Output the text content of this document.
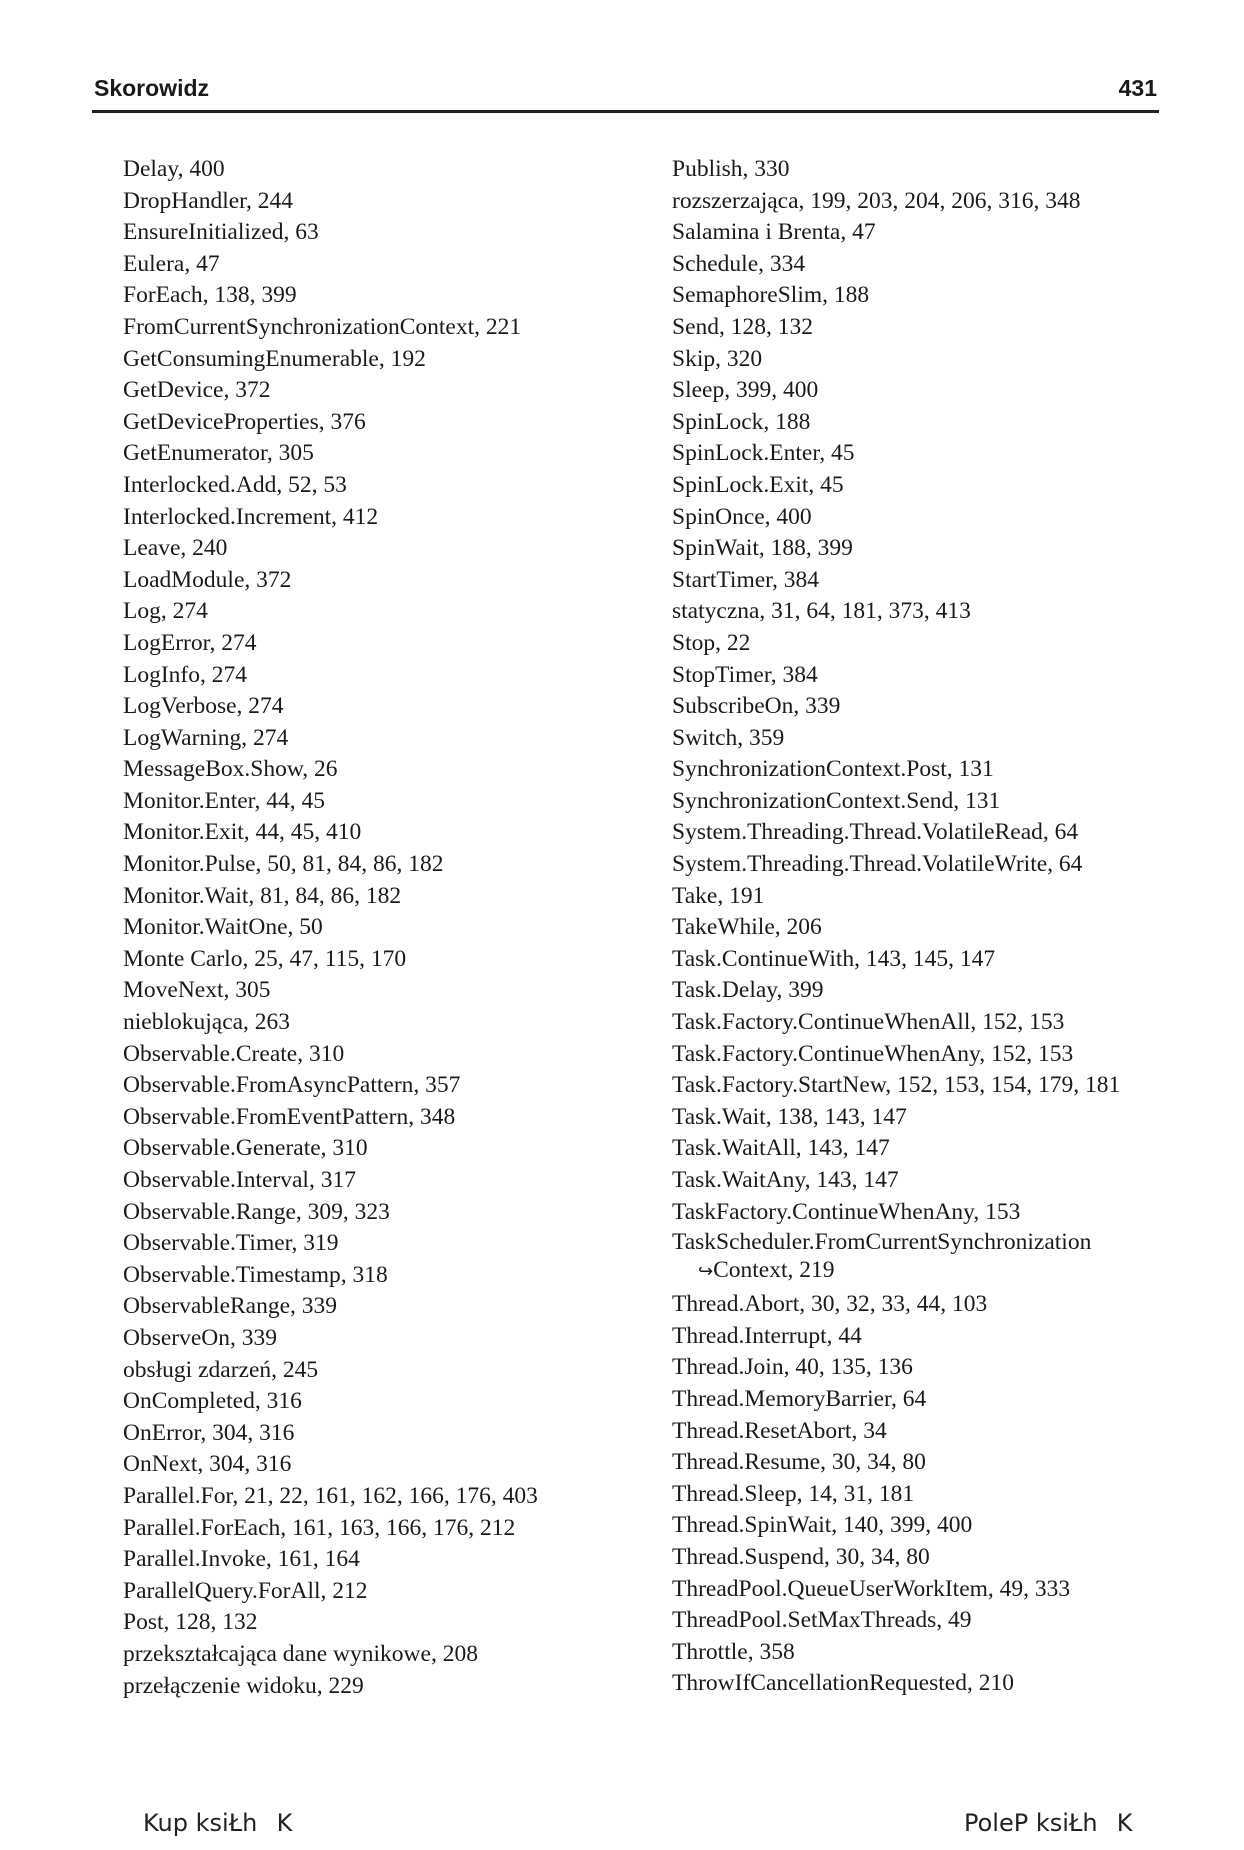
Skorowidz	431
Delay, 400
DropHandler, 244
EnsureInitialized, 63
Eulera, 47
ForEach, 138, 399
FromCurrentSynchronizationContext, 221
GetConsumingEnumerable, 192
GetDevice, 372
GetDeviceProperties, 376
GetEnumerator, 305
Interlocked.Add, 52, 53
Interlocked.Increment, 412
Leave, 240
LoadModule, 372
Log, 274
LogError, 274
LogInfo, 274
LogVerbose, 274
LogWarning, 274
MessageBox.Show, 26
Monitor.Enter, 44, 45
Monitor.Exit, 44, 45, 410
Monitor.Pulse, 50, 81, 84, 86, 182
Monitor.Wait, 81, 84, 86, 182
Monitor.WaitOne, 50
Monte Carlo, 25, 47, 115, 170
MoveNext, 305
nieblokująca, 263
Observable.Create, 310
Observable.FromAsyncPattern, 357
Observable.FromEventPattern, 348
Observable.Generate, 310
Observable.Interval, 317
Observable.Range, 309, 323
Observable.Timer, 319
Observable.Timestamp, 318
ObservableRange, 339
ObserveOn, 339
obsługi zdarzeń, 245
OnCompleted, 316
OnError, 304, 316
OnNext, 304, 316
Parallel.For, 21, 22, 161, 162, 166, 176, 403
Parallel.ForEach, 161, 163, 166, 176, 212
Parallel.Invoke, 161, 164
ParallelQuery.ForAll, 212
Post, 128, 132
przekształcająca dane wynikowe, 208
przełączenie widoku, 229
Publish, 330
rozszerzająca, 199, 203, 204, 206, 316, 348
Salamina i Brenta, 47
Schedule, 334
SemaphoreSlim, 188
Send, 128, 132
Skip, 320
Sleep, 399, 400
SpinLock, 188
SpinLock.Enter, 45
SpinLock.Exit, 45
SpinOnce, 400
SpinWait, 188, 399
StartTimer, 384
statyczna, 31, 64, 181, 373, 413
Stop, 22
StopTimer, 384
SubscribeOn, 339
Switch, 359
SynchronizationContext.Post, 131
SynchronizationContext.Send, 131
System.Threading.Thread.VolatileRead, 64
System.Threading.Thread.VolatileWrite, 64
Take, 191
TakeWhile, 206
Task.ContinueWith, 143, 145, 147
Task.Delay, 399
Task.Factory.ContinueWhenAll, 152, 153
Task.Factory.ContinueWhenAny, 152, 153
Task.Factory.StartNew, 152, 153, 154, 179, 181
Task.Wait, 138, 143, 147
Task.WaitAll, 143, 147
Task.WaitAny, 143, 147
TaskFactory.ContinueWhenAny, 153
TaskScheduler.FromCurrentSynchronization
↪Context, 219
Thread.Abort, 30, 32, 33, 44, 103
Thread.Interrupt, 44
Thread.Join, 40, 135, 136
Thread.MemoryBarrier, 64
Thread.ResetAbort, 34
Thread.Resume, 30, 34, 80
Thread.Sleep, 14, 31, 181
Thread.SpinWait, 140, 399, 400
Thread.Suspend, 30, 34, 80
ThreadPool.QueueUserWorkItem, 49, 333
ThreadPool.SetMaxThreads, 49
Throttle, 358
ThrowIfCancellationRequested, 210
Kup ksiŁhK	PoleP ksiŁhK
